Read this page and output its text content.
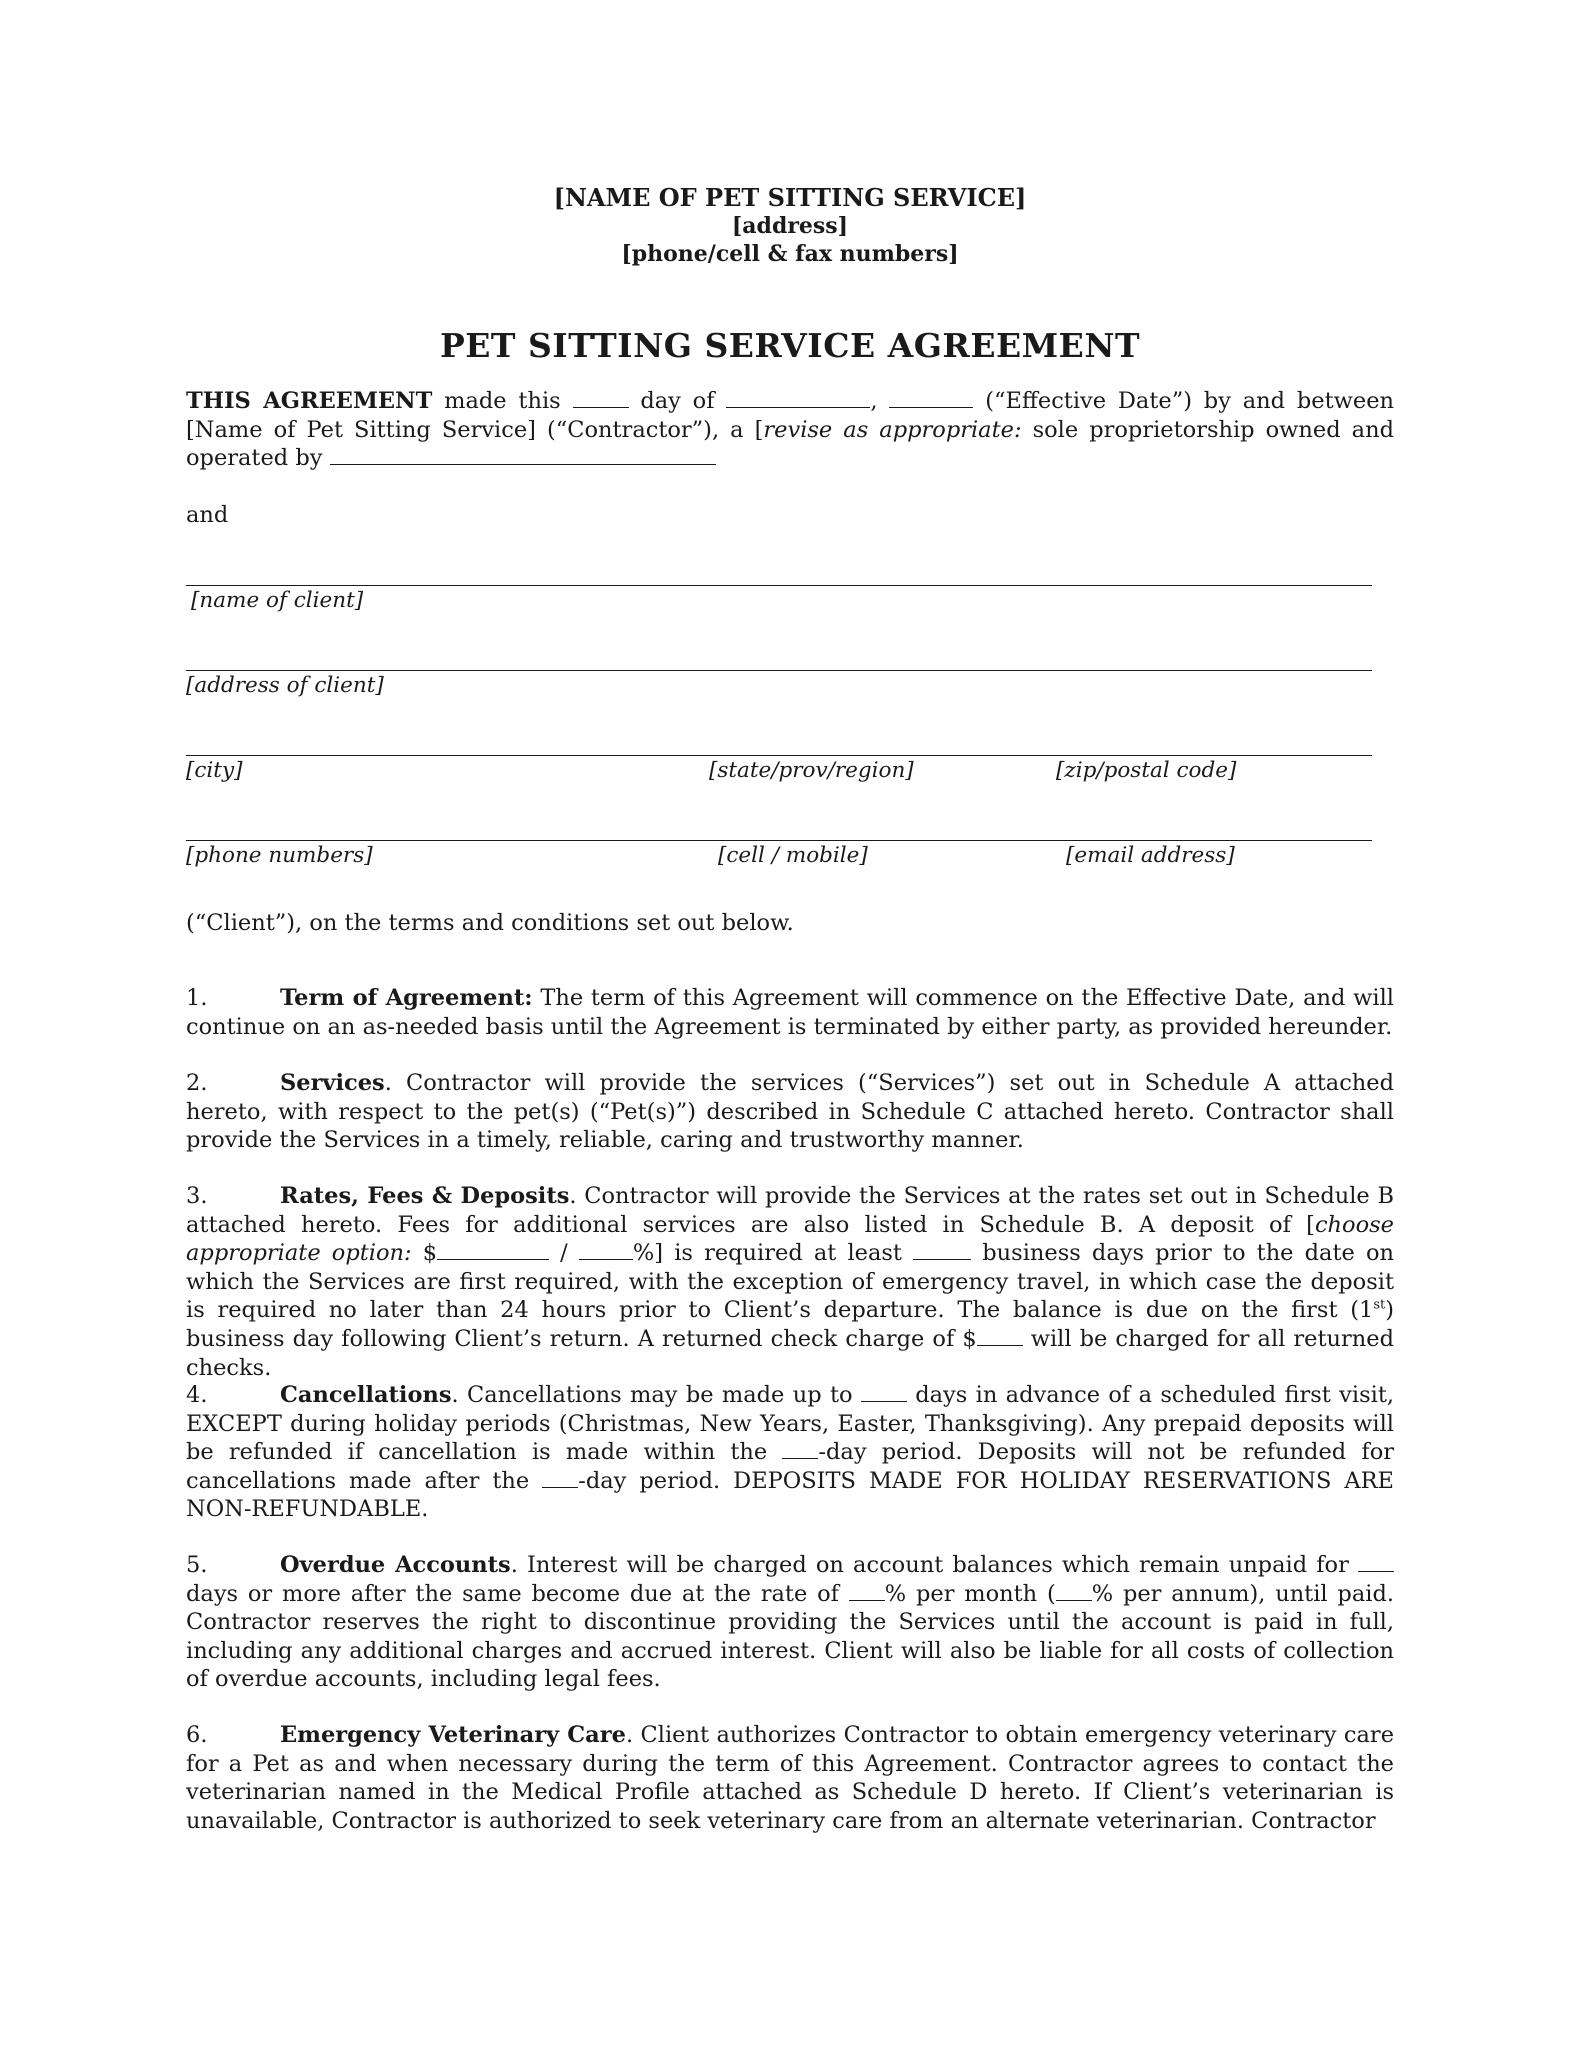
[NAME OF PET SITTING SERVICE]
[address]
[phone/cell & fax numbers]
PET SITTING SERVICE AGREEMENT
THIS AGREEMENT made this  day of	,	(“Effective Date”) by and between [Name of Pet Sitting Service] (“Contractor”), a [revise as appropriate: sole proprietorship owned and operated by
and
[name of client]
[address of client]
[city]	[state/prov/region]	[zip/postal code]
[phone numbers]	[cell / mobile]	[email address]
(“Client”), on the terms and conditions set out below.
1.	Term of Agreement: The term of this Agreement will commence on the Effective Date, and will continue on an as-needed basis until the Agreement is terminated by either party, as provided hereunder.
2.	Services. Contractor will provide the services (“Services”) set out in Schedule A attached hereto, with respect to the pet(s) (“Pet(s)”) described in Schedule C attached hereto. Contractor shall provide the Services in a timely, reliable, caring and trustworthy manner.
3.	Rates, Fees & Deposits. Contractor will provide the Services at the rates set out in Schedule B attached hereto. Fees for additional services are also listed in Schedule B. A deposit of [choose appropriate option: $	/ %] is required at least	business days prior to the date on which the Services are first required, with the exception of emergency travel, in which case the deposit is required no later than 24 hours prior to Client’s departure. The balance is due on the first (1st) business day following Client’s return. A returned check charge of $ will be charged for all returned checks.
4.	Cancellations. Cancellations may be made up to  days in advance of a scheduled first visit, EXCEPT during holiday periods (Christmas, New Years, Easter, Thanksgiving). Any prepaid deposits will be refunded if cancellation is made within the -day period. Deposits will not be refunded for cancellations made after the -day period. DEPOSITS MADE FOR HOLIDAY RESERVATIONS ARE NON-REFUNDABLE.
5.	Overdue Accounts. Interest will be charged on account balances which remain unpaid for  days or more after the same become due at the rate of % per month ( % per annum), until paid. Contractor reserves the right to discontinue providing the Services until the account is paid in full, including any additional charges and accrued interest. Client will also be liable for all costs of collection of overdue accounts, including legal fees.
6.	Emergency Veterinary Care. Client authorizes Contractor to obtain emergency veterinary care for a Pet as and when necessary during the term of this Agreement. Contractor agrees to contact the veterinarian named in the Medical Profile attached as Schedule D hereto. If Client’s veterinarian is unavailable, Contractor is authorized to seek veterinary care from an alternate veterinarian. Contractor
